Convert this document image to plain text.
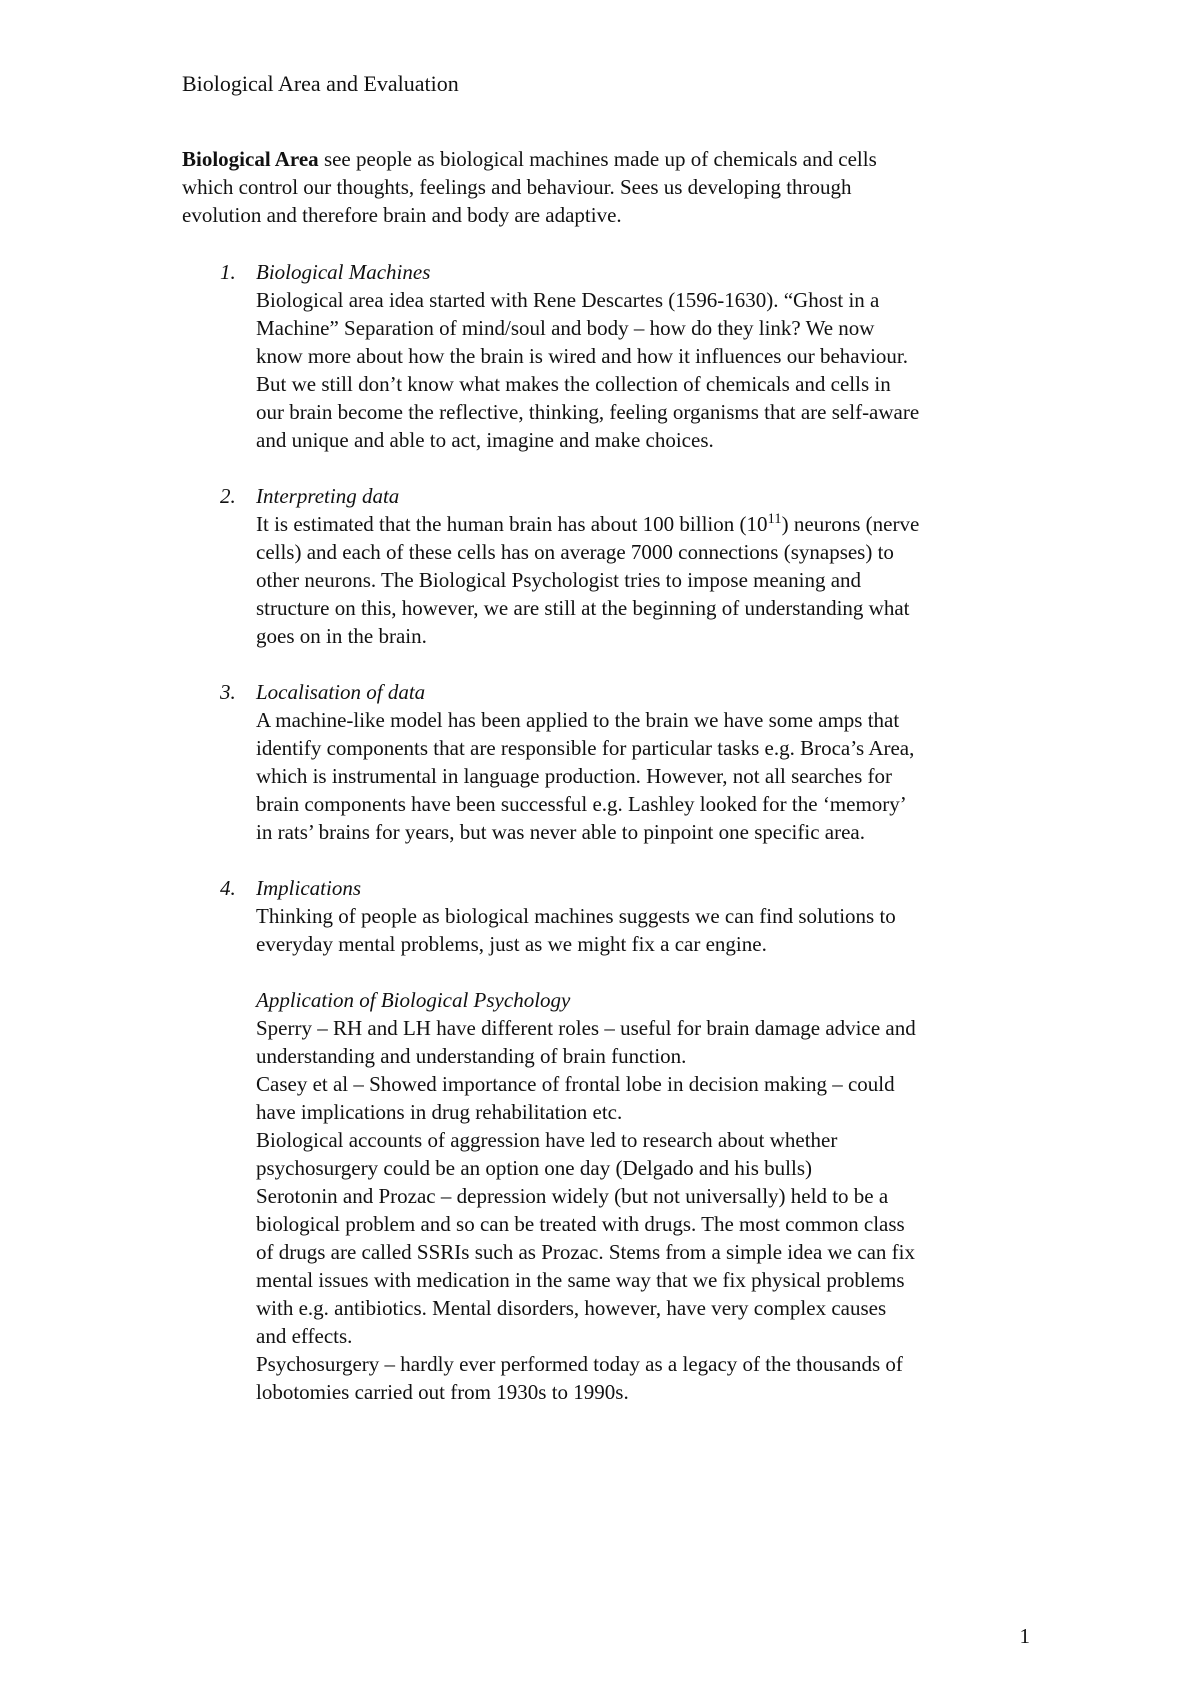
Biological Area and Evaluation
Biological Area see people as biological machines made up of chemicals and cells
which control our thoughts, feelings and behaviour. Sees us developing through
evolution and therefore brain and body are adaptive.
1. Biological Machines
Biological area idea started with Rene Descartes (1596-1630). “Ghost in a
Machine” Separation of mind/soul and body – how do they link? We now
know more about how the brain is wired and how it influences our behaviour.
But we still don’t know what makes the collection of chemicals and cells in
our brain become the reflective, thinking, feeling organisms that are self-aware
and unique and able to act, imagine and make choices.
2. Interpreting data
It is estimated that the human brain has about 100 billion $(10^{11})$ neurons (nerve
cells) and each of these cells has on average 7000 connections (synapses) to
other neurons. The Biological Psychologist tries to impose meaning and
structure on this, however, we are still at the beginning of understanding what
goes on in the brain.
3. Localisation of data
A machine-like model has been applied to the brain we have some amps that
identify components that are responsible for particular tasks e.g. Broca’s Area,
which is instrumental in language production. However, not all searches for
brain components have been successful e.g. Lashley looked for the ‘memory’
in rats’ brains for years, but was never able to pinpoint one specific area.
4. Implications
Thinking of people as biological machines suggests we can find solutions to
everyday mental problems, just as we might fix a car engine.
Application of Biological Psychology
Sperry – RH and LH have different roles – useful for brain damage advice and
understanding and understanding of brain function.
Casey et al – Showed importance of frontal lobe in decision making – could
have implications in drug rehabilitation etc.
Biological accounts of aggression have led to research about whether
psychosurgery could be an option one day (Delgado and his bulls)
Serotonin and Prozac – depression widely (but not universally) held to be a
biological problem and so can be treated with drugs. The most common class
of drugs are called SSRIs such as Prozac. Stems from a simple idea we can fix
mental issues with medication in the same way that we fix physical problems
with e.g. antibiotics. Mental disorders, however, have very complex causes
and effects.
Psychosurgery – hardly ever performed today as a legacy of the thousands of
lobotomies carried out from 1930s to 1990s.
1
